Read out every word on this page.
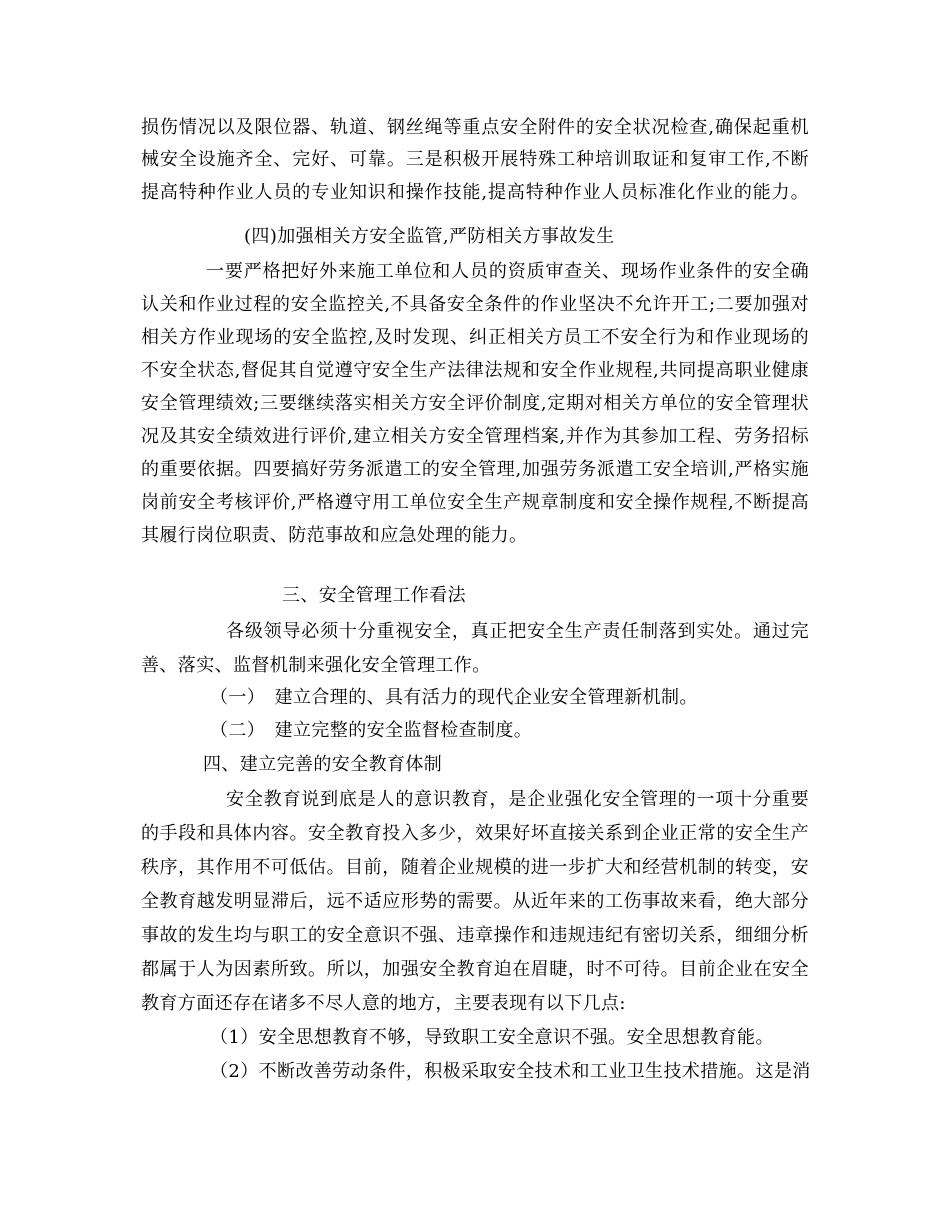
损伤情况以及限位器、轨道、钢丝绳等重点安全附件的安全状况检查,确保起重机
械安全设施齐全、完好、可靠。三是积极开展特殊工种培训取证和复审工作,不断
提高特种作业人员的专业知识和操作技能,提高特种作业人员标准化作业的能力。
(四)加强相关方安全监管,严防相关方事故发生
一要严格把好外来施工单位和人员的资质审查关、现场作业条件的安全确
认关和作业过程的安全监控关,不具备安全条件的作业坚决不允许开工;二要加强对
相关方作业现场的安全监控,及时发现、纠正相关方员工不安全行为和作业现场的
不安全状态,督促其自觉遵守安全生产法律法规和安全作业规程,共同提高职业健康
安全管理绩效;三要继续落实相关方安全评价制度,定期对相关方单位的安全管理状
况及其安全绩效进行评价,建立相关方安全管理档案,并作为其参加工程、劳务招标
的重要依据。四要搞好劳务派遣工的安全管理,加强劳务派遣工安全培训,严格实施
岗前安全考核评价,严格遵守用工单位安全生产规章制度和安全操作规程,不断提高
其履行岗位职责、防范事故和应急处理的能力。
三、安全管理工作看法
各级领导必须十分重视安全，真正把安全生产责任制落到实处。通过完
善、落实、监督机制来强化安全管理工作。
（一）　建立合理的、具有活力的现代企业安全管理新机制。
（二）　建立完整的安全监督检查制度。
四、建立完善的安全教育体制
安全教育说到底是人的意识教育，是企业强化安全管理的一项十分重要
的手段和具体内容。安全教育投入多少，效果好坏直接关系到企业正常的安全生产
秩序，其作用不可低估。目前，随着企业规模的进一步扩大和经营机制的转变，安
全教育越发明显滞后，远不适应形势的需要。从近年来的工伤事故来看，绝大部分
事故的发生均与职工的安全意识不强、违章操作和违规违纪有密切关系，细细分析
都属于人为因素所致。所以，加强安全教育迫在眉睫，时不可待。目前企业在安全
教育方面还存在诸多不尽人意的地方，主要表现有以下几点:
（1）安全思想教育不够，导致职工安全意识不强。安全思想教育能。
（2）不断改善劳动条件，积极采取安全技术和工业卫生技术措施。这是消
